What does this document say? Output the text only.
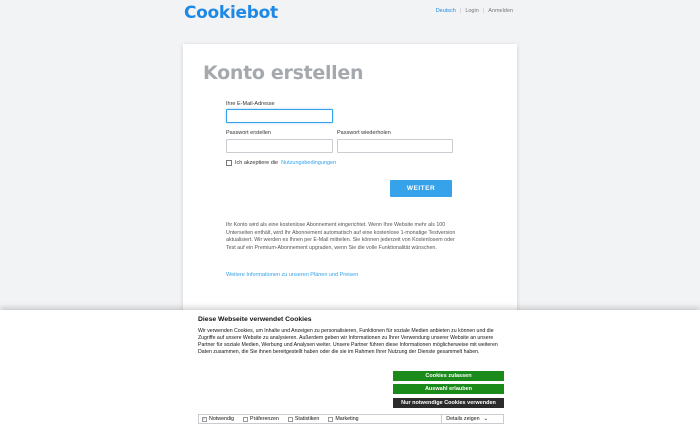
Cookiebot	Deutsch | Login | Anmelden
Konto erstellen
Ihre E-Mail-Adresse
Passwort erstellen	Passwort wiederholen
Ich akzeptiere die Nutzungsbedingungen
WEITER
Ihr Konto wird als eine kostenlose Abonnement eingerichtet. Wenn Ihre Website mehr als 100 Unterseiten enthält, wird Ihr Abonnement automatisch auf eine kostenlose 1-monatige Testversion aktualisiert. Wir werden es Ihnen per E-Mail mitteilen. Sie können jederzeit von Kostenlosem oder Test auf ein Premium-Abonnement upgraden, wenn Sie die volle Funktionalität wünschen.
Weitere Informationen zu unseren Plänen und Preisen
Diese Webseite verwendet Cookies

Wir verwenden Cookies, um Inhalte und Anzeigen zu personalisieren, Funktionen für soziale Medien anbieten zu können und die Zugriffe auf unsere Website zu analysieren. Außerdem geben wir Informationen zu Ihrer Verwendung unserer Website an unsere Partner für soziale Medien, Werbung und Analysen weiter. Unsere Partner führen diese Informationen möglicherweise mit weiteren Daten zusammen, die Sie ihnen bereitgestellt haben oder die sie im Rahmen Ihrer Nutzung der Dienste gesammelt haben.

Cookies zulassen
Auswahl erlauben
Nur notwendige Cookies verwenden
✓ Notwendig	Präferenzen	Statistiken	Marketing	Details zeigen ⌄
